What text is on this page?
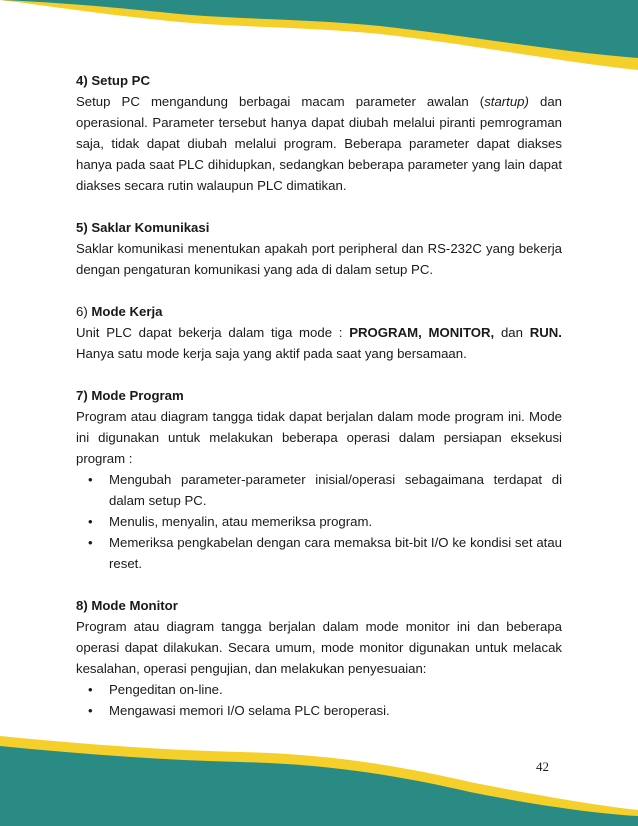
4) Setup PC

Setup PC mengandung berbagai macam parameter awalan (startup) dan operasional. Parameter tersebut hanya dapat diubah melalui piranti pemrograman saja, tidak dapat diubah melalui program. Beberapa parameter dapat diakses hanya pada saat PLC dihidupkan, sedangkan beberapa parameter yang lain dapat diakses secara rutin walaupun PLC dimatikan.

5) Saklar Komunikasi

Saklar komunikasi menentukan apakah port peripheral dan RS-232C yang bekerja dengan pengaturan komunikasi yang ada di dalam setup PC.

6) Mode Kerja

Unit PLC dapat bekerja dalam tiga mode : PROGRAM, MONITOR, dan RUN. Hanya satu mode kerja saja yang aktif pada saat yang bersamaan.

7) Mode Program

Program atau diagram tangga tidak dapat berjalan dalam mode program ini. Mode ini digunakan untuk melakukan beberapa operasi dalam persiapan eksekusi program :

• Mengubah parameter-parameter inisial/operasi sebagaimana terdapat di dalam setup PC.
• Menulis, menyalin, atau memeriksa program.
• Memeriksa pengkabelan dengan cara memaksa bit-bit I/O ke kondisi set atau reset.

8) Mode Monitor

Program atau diagram tangga berjalan dalam mode monitor ini dan beberapa operasi dapat dilakukan. Secara umum, mode monitor digunakan untuk melacak kesalahan, operasi pengujian, dan melakukan penyesuaian:

• Pengeditan on-line.
• Mengawasi memori I/O selama PLC beroperasi.
42
